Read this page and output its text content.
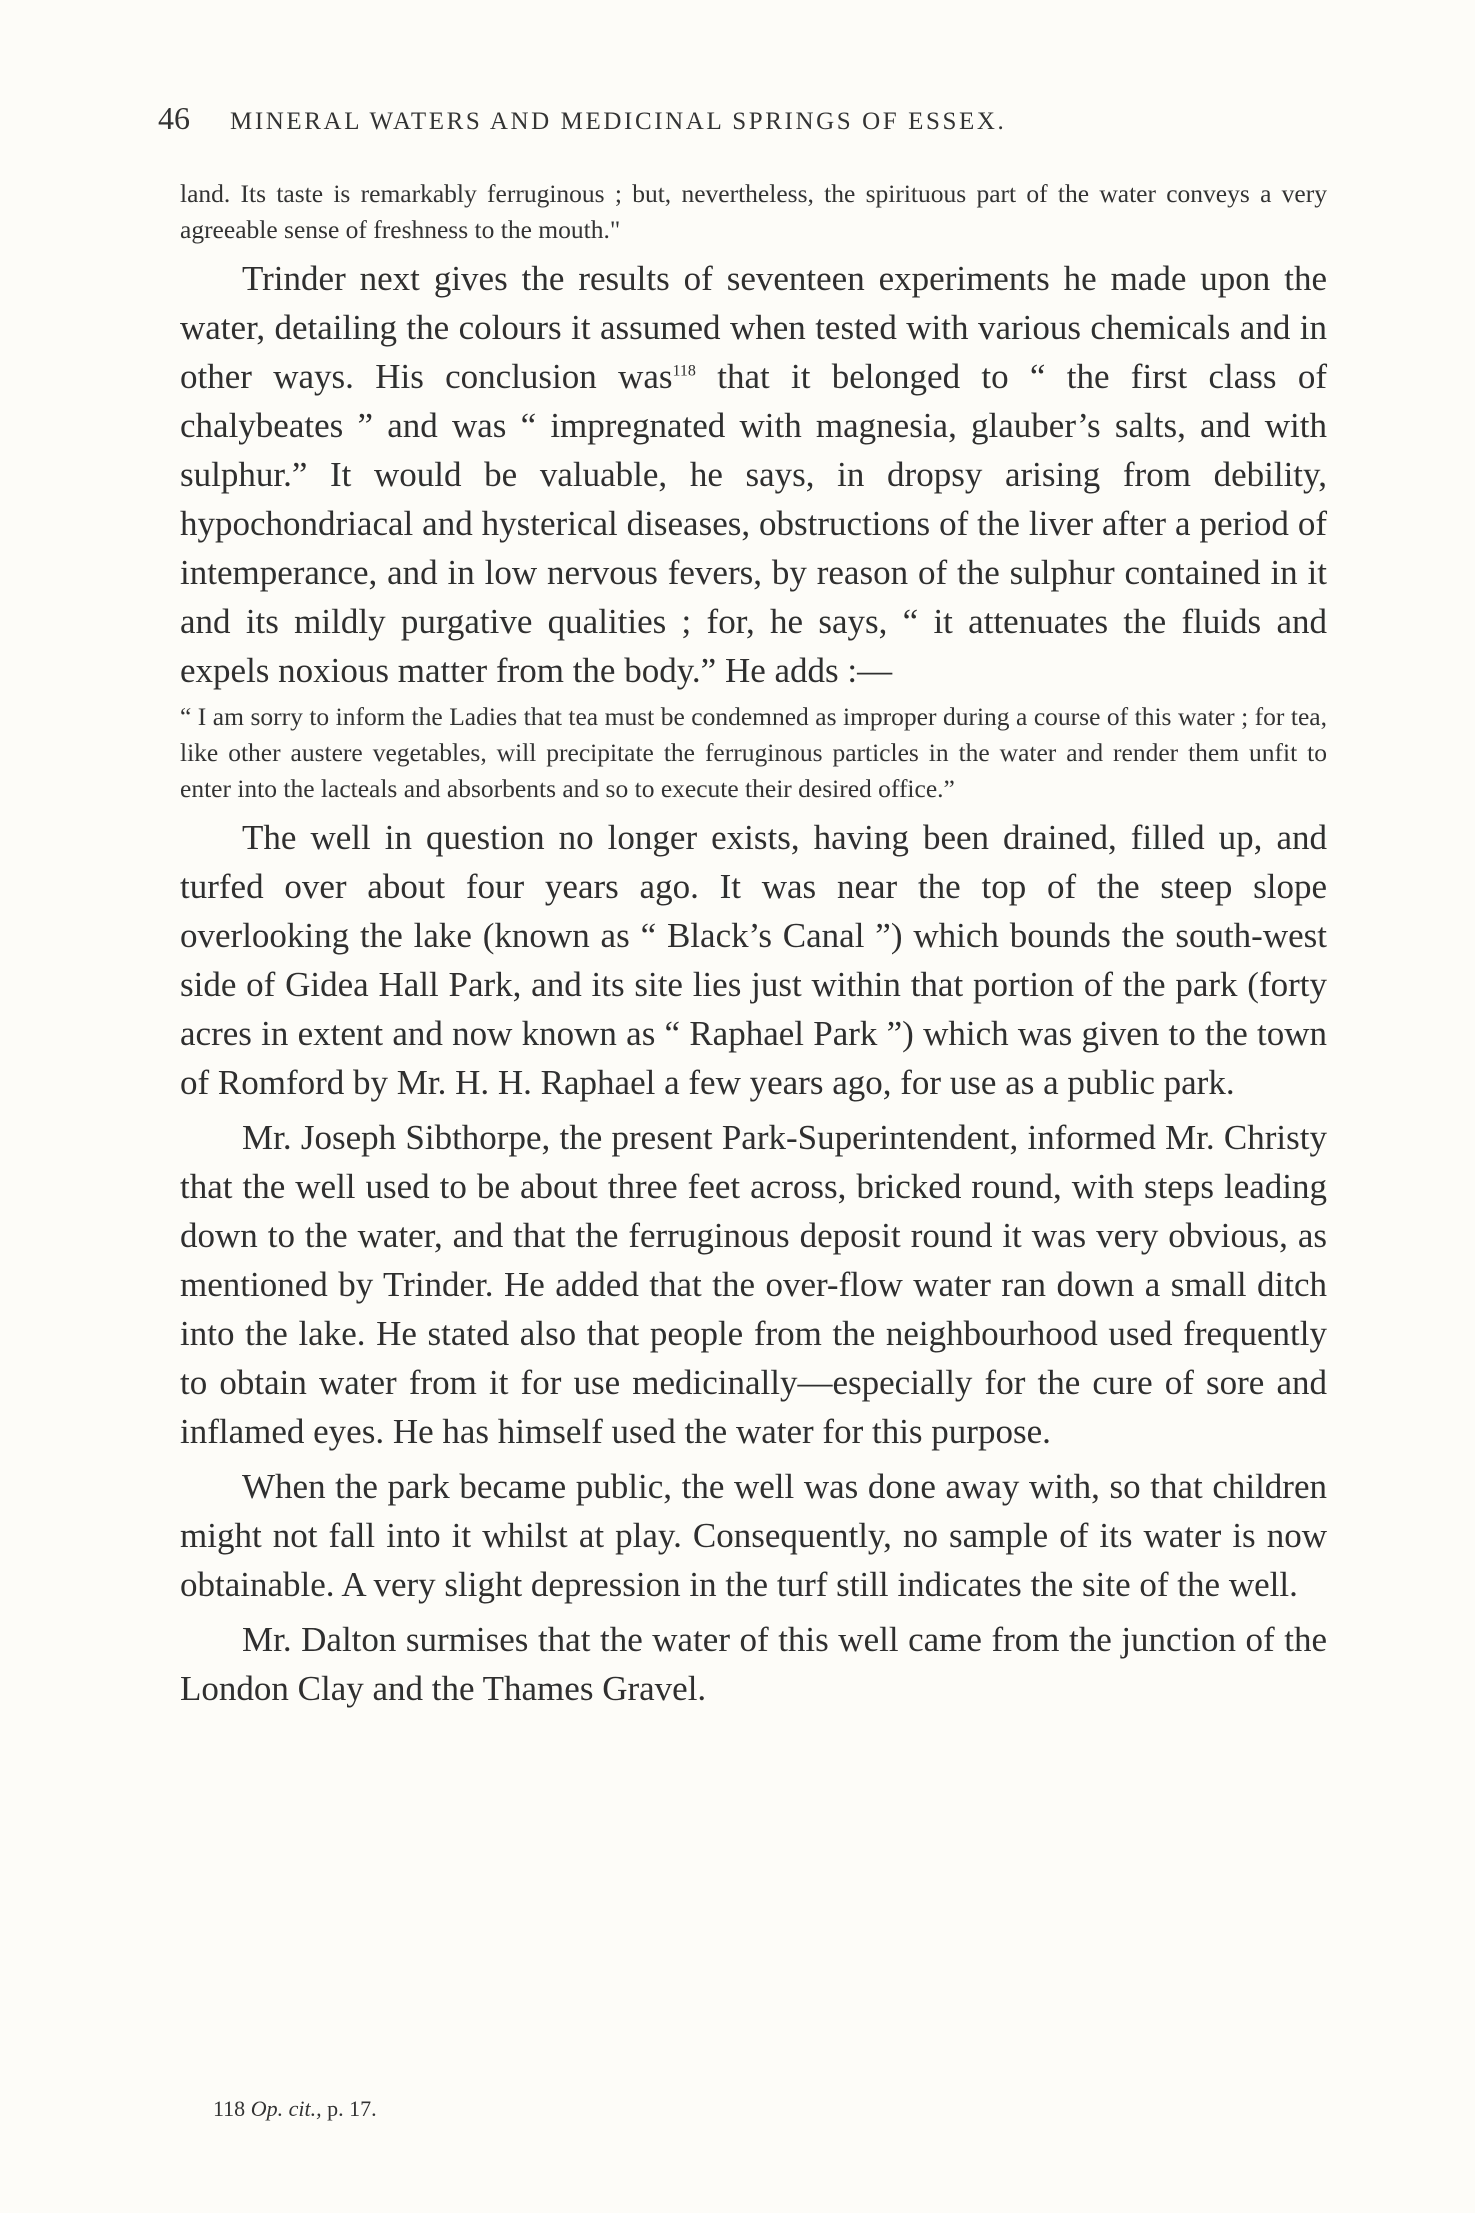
46 MINERAL WATERS AND MEDICINAL SPRINGS OF ESSEX.

land. Its taste is remarkably ferruginous ; but, nevertheless, the spirituous part of the water conveys a very agreeable sense of freshness to the mouth."

Trinder next gives the results of seventeen experiments he made upon the water, detailing the colours it assumed when tested with various chemicals and in other ways. His conclusion was$^{118}$ that it belonged to “ the first class of chalybeates ” and was “ impregnated with magnesia, glauber’s salts, and with sulphur.” It would be valuable, he says, in dropsy arising from debility, hypochondriacal and hysterical diseases, obstructions of the liver after a period of intemperance, and in low nervous fevers, by reason of the sulphur contained in it and its mildly purgative qualities ; for, he says, “ it attenuates the fluids and expels noxious matter from the body.” He adds :—

“ I am sorry to inform the Ladies that tea must be condemned as improper during a course of this water ; for tea, like other austere vegetables, will precipitate the ferruginous particles in the water and render them unfit to enter into the lacteals and absorbents and so to execute their desired office.”

The well in question no longer exists, having been drained, filled up, and turfed over about four years ago. It was near the top of the steep slope overlooking the lake (known as “ Black’s Canal ”) which bounds the south-west side of Gidea Hall Park, and its site lies just within that portion of the park (forty acres in extent and now known as “ Raphael Park ”) which was given to the town of Romford by Mr. H. H. Raphael a few years ago, for use as a public park.

Mr. Joseph Sibthorpe, the present Park-Superintendent, informed Mr. Christy that the well used to be about three feet across, bricked round, with steps leading down to the water, and that the ferruginous deposit round it was very obvious, as mentioned by Trinder. He added that the over-flow water ran down a small ditch into the lake. He stated also that people from the neighbourhood used frequently to obtain water from it for use medicinally—especially for the cure of sore and inflamed eyes. He has himself used the water for this purpose.

When the park became public, the well was done away with, so that children might not fall into it whilst at play. Consequently, no sample of its water is now obtainable. A very slight depression in the turf still indicates the site of the well.

Mr. Dalton surmises that the water of this well came from the junction of the London Clay and the Thames Gravel.

118 Op. cit., p. 17.
